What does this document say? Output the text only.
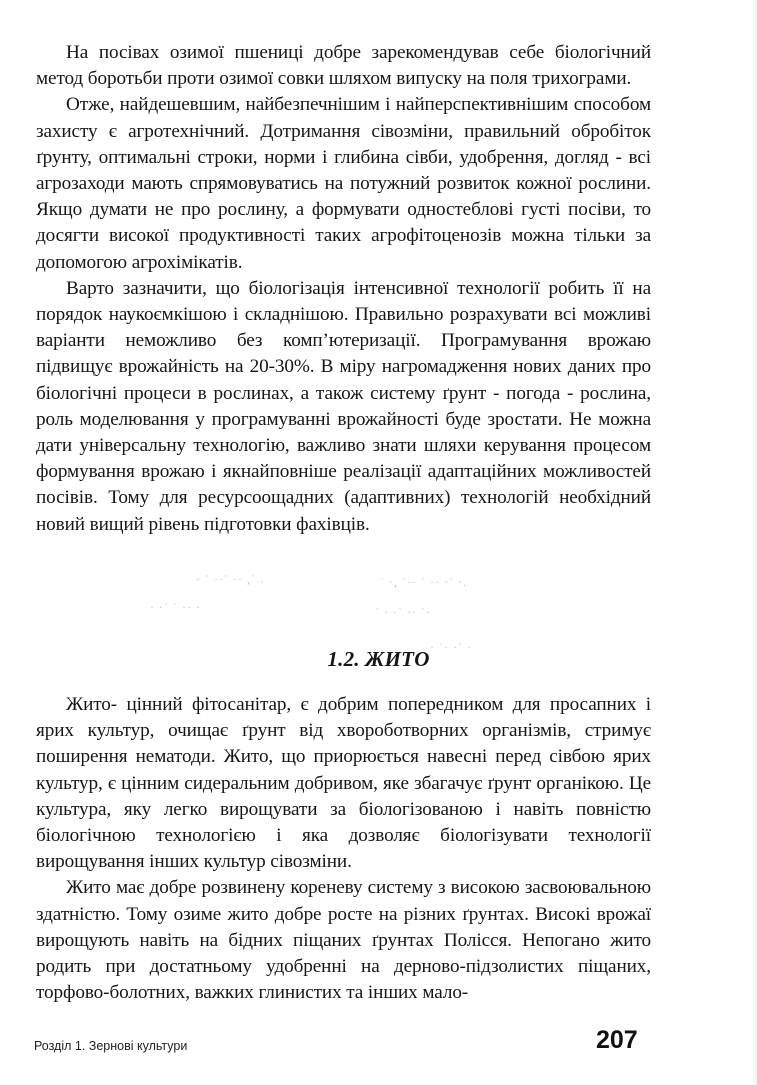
На посівах озимої пшениці добре зарекомендував себе біологічний метод боротьби проти озимої совки шляхом випуску на поля трихограми.

Отже, найдешевшим, найбезпечнішим і найперспективнішим способом захисту є агротехнічний. Дотримання сівозміни, правильний обробіток ґрунту, оптимальні строки, норми і глибина сівби, удобрення, догляд - всі агрозаходи мають спрямовуватись на потужний розвиток кожної рослини. Якщо думати не про рослину, а формувати одностеблові густі посіви, то досягти високої продуктивності таких агрофітоценозів можна тільки за допомогою агрохімікатів.

Варто зазначити, що біологізація інтенсивної технології робить її на порядок наукоємкішою і складнішою. Правильно розрахувати всі можливі варіанти неможливо без комп’ютеризації. Програмування врожаю підвищує врожайність на 20-30%. В міру нагромадження нових даних про біологічні процеси в рослинах, а також систему ґрунт - погода - рослина, роль моделювання у програмуванні врожайності буде зростати. Не можна дати універсальну технологію, важливо знати шляхи керування процесом формування врожаю і якнайповніше реалізації адаптаційних можливостей посівів. Тому для ресурсоощадних (адаптивних) технологій необхідний новий вищий рівень підготовки фахівців.

· ˙ ··˙ ·· ,˙ .	˙ ·, ˙·· ˙ ·· ·˙ ·.
· ·˙ ˙ ·· ·	˙ · ·˙ ·· ˙·
· ˙· ·˙ ·
1.2. ЖИТО

Жито- цінний фітосанітар, є добрим попередником для просапних і ярих культур, очищає ґрунт від хвороботворних організмів, стримує поширення нематоди. Жито, що приорюється навесні перед сівбою ярих культур, є цінним сидеральним добривом, яке збагачує ґрунт органікою. Це культура, яку легко вирощувати за біологізованою і навіть повністю біологічною технологією і яка дозволяє біологізувати технології вирощування інших культур сівозміни.

Жито має добре розвинену кореневу систему з високою засвоювальною здатністю. Тому озиме жито добре росте на різних ґрунтах. Високі врожаї вирощують навіть на бідних піщаних ґрунтах Полісся. Непогано жито родить при достатньому удобренні на дерново-підзолистих піщаних, торфово-болотних, важких глинистих та інших мало-

Розділ 1. Зернові культури	207
